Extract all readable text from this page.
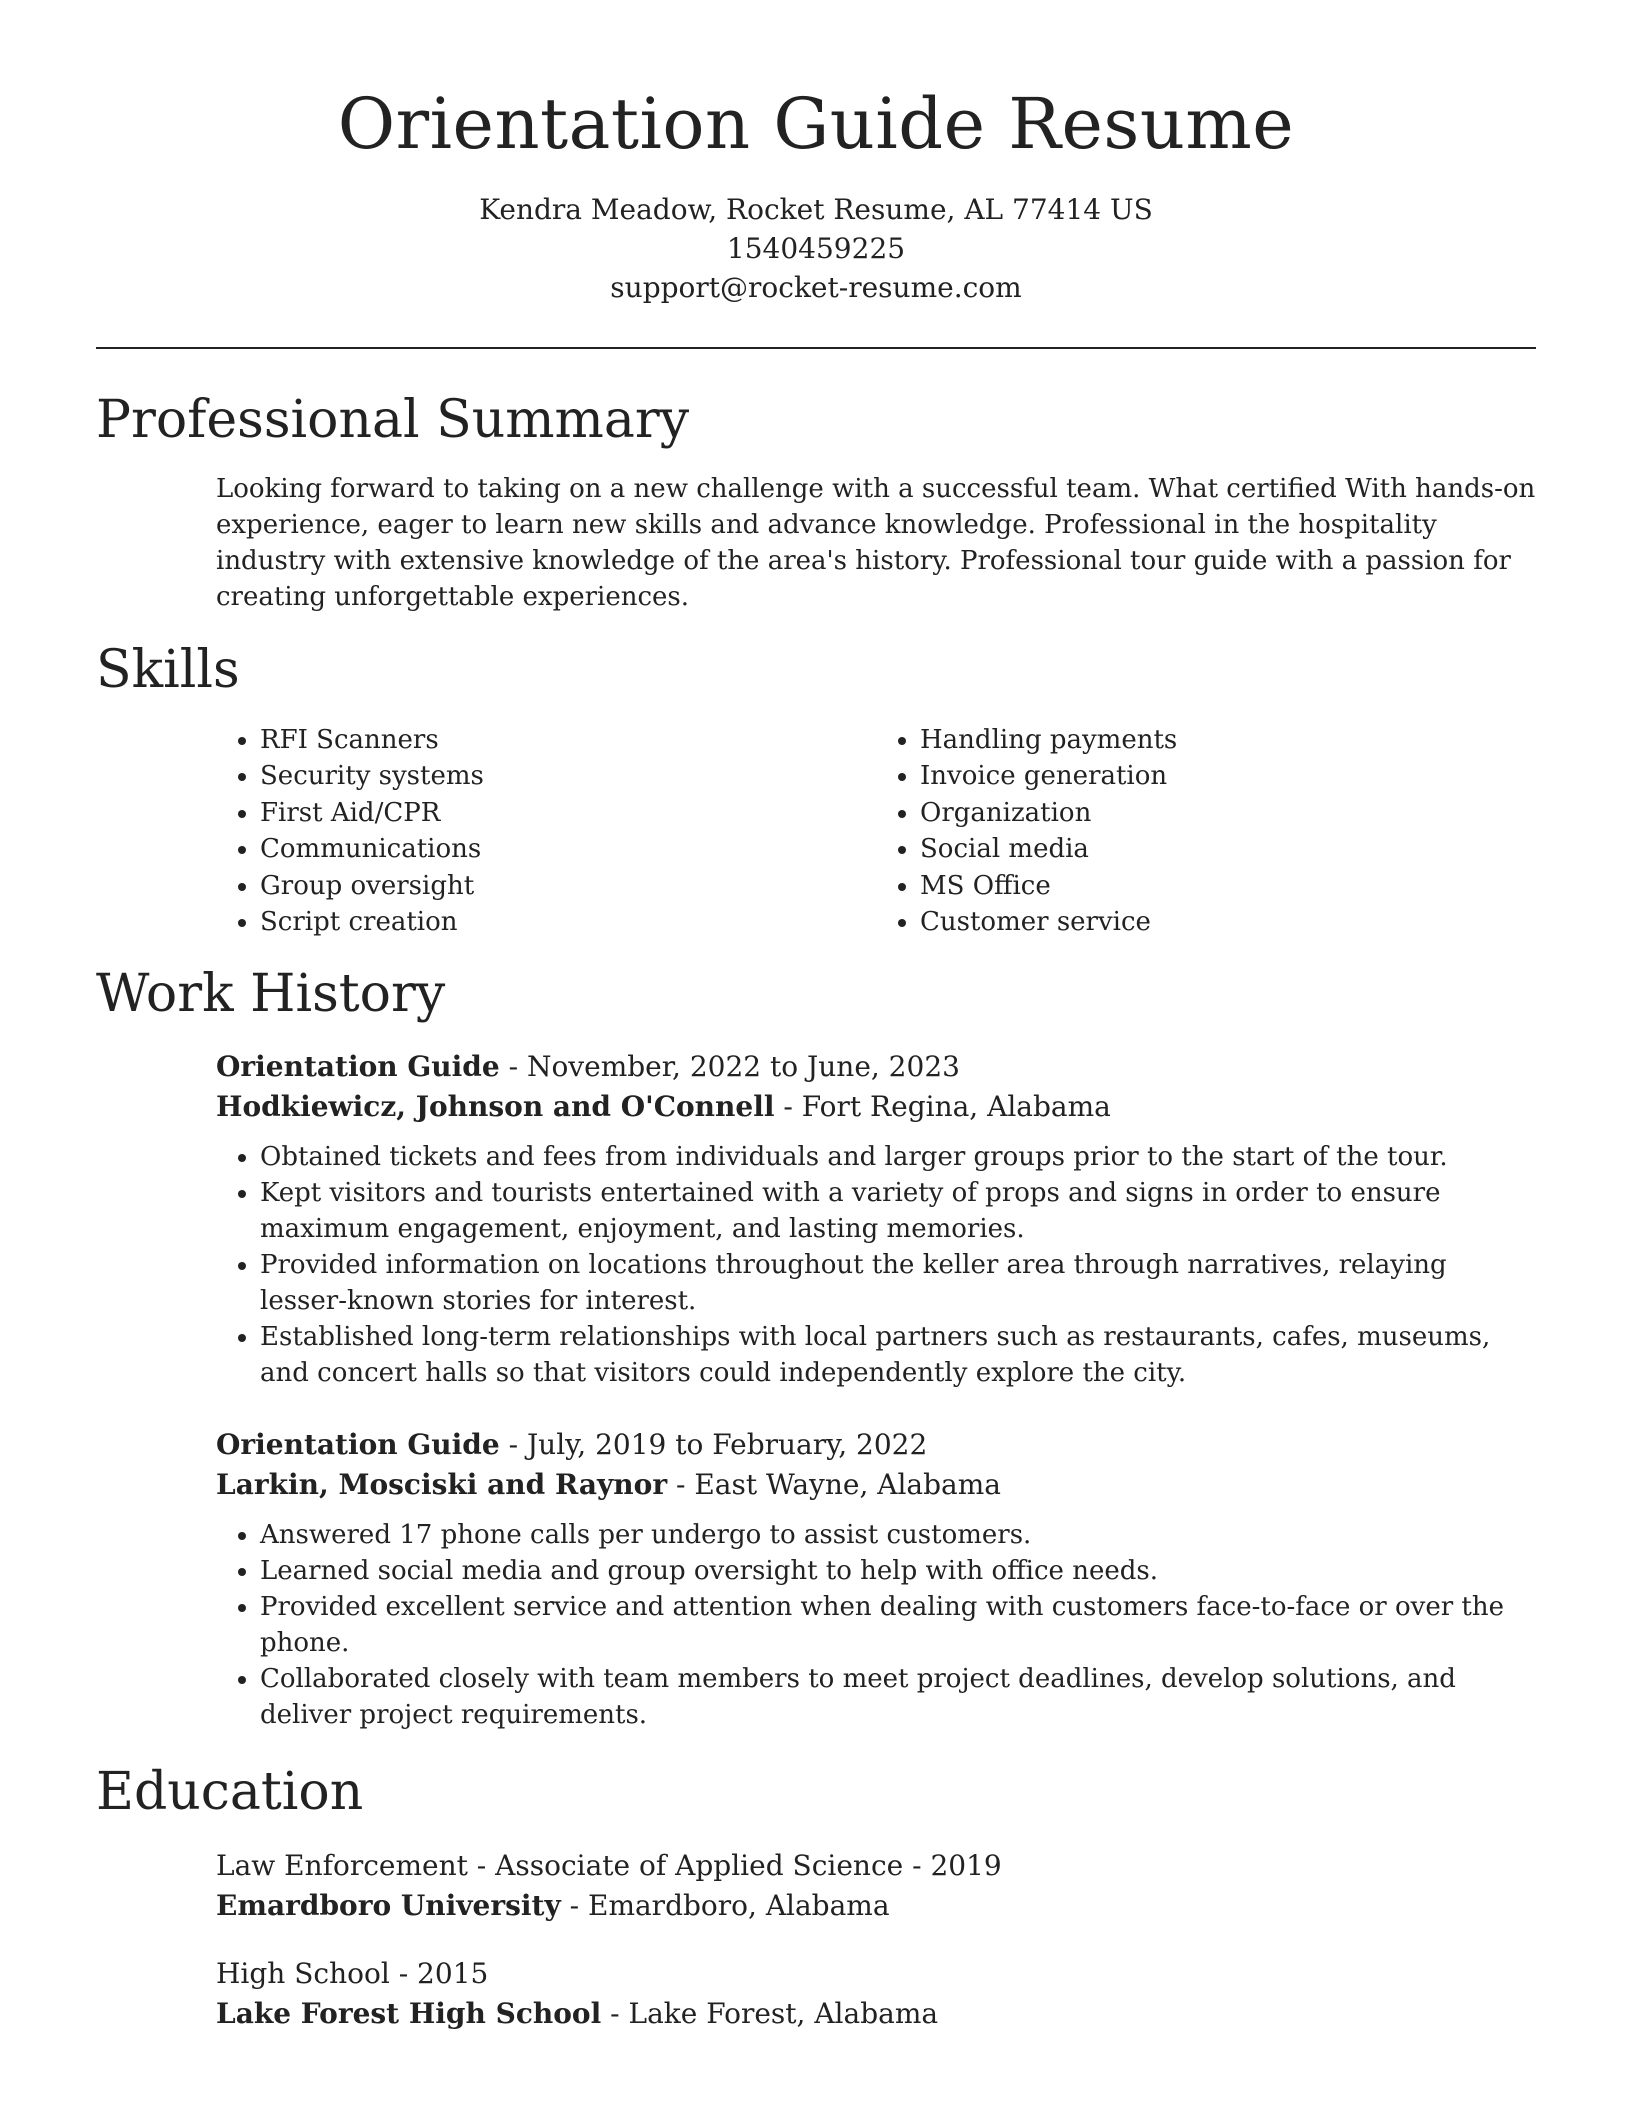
Orientation Guide Resume
Kendra Meadow, Rocket Resume, AL 77414 US
1540459225
support@rocket-resume.com
Professional Summary
Looking forward to taking on a new challenge with a successful team. What certified With hands-on experience, eager to learn new skills and advance knowledge. Professional in the hospitality industry with extensive knowledge of the area's history. Professional tour guide with a passion for creating unforgettable experiences.
Skills
• RFI Scanners
• Security systems
• First Aid/CPR
• Communications
• Group oversight
• Script creation
• Handling payments
• Invoice generation
• Organization
• Social media
• MS Office
• Customer service
Work History
Orientation Guide - November, 2022 to June, 2023
Hodkiewicz, Johnson and O'Connell - Fort Regina, Alabama
• Obtained tickets and fees from individuals and larger groups prior to the start of the tour.
• Kept visitors and tourists entertained with a variety of props and signs in order to ensure maximum engagement, enjoyment, and lasting memories.
• Provided information on locations throughout the keller area through narratives, relaying lesser-known stories for interest.
• Established long-term relationships with local partners such as restaurants, cafes, museums, and concert halls so that visitors could independently explore the city.
Orientation Guide - July, 2019 to February, 2022
Larkin, Mosciski and Raynor - East Wayne, Alabama
• Answered 17 phone calls per undergo to assist customers.
• Learned social media and group oversight to help with office needs.
• Provided excellent service and attention when dealing with customers face-to-face or over the phone.
• Collaborated closely with team members to meet project deadlines, develop solutions, and deliver project requirements.
Education
Law Enforcement - Associate of Applied Science - 2019
Emardboro University - Emardboro, Alabama
High School - 2015
Lake Forest High School - Lake Forest, Alabama
